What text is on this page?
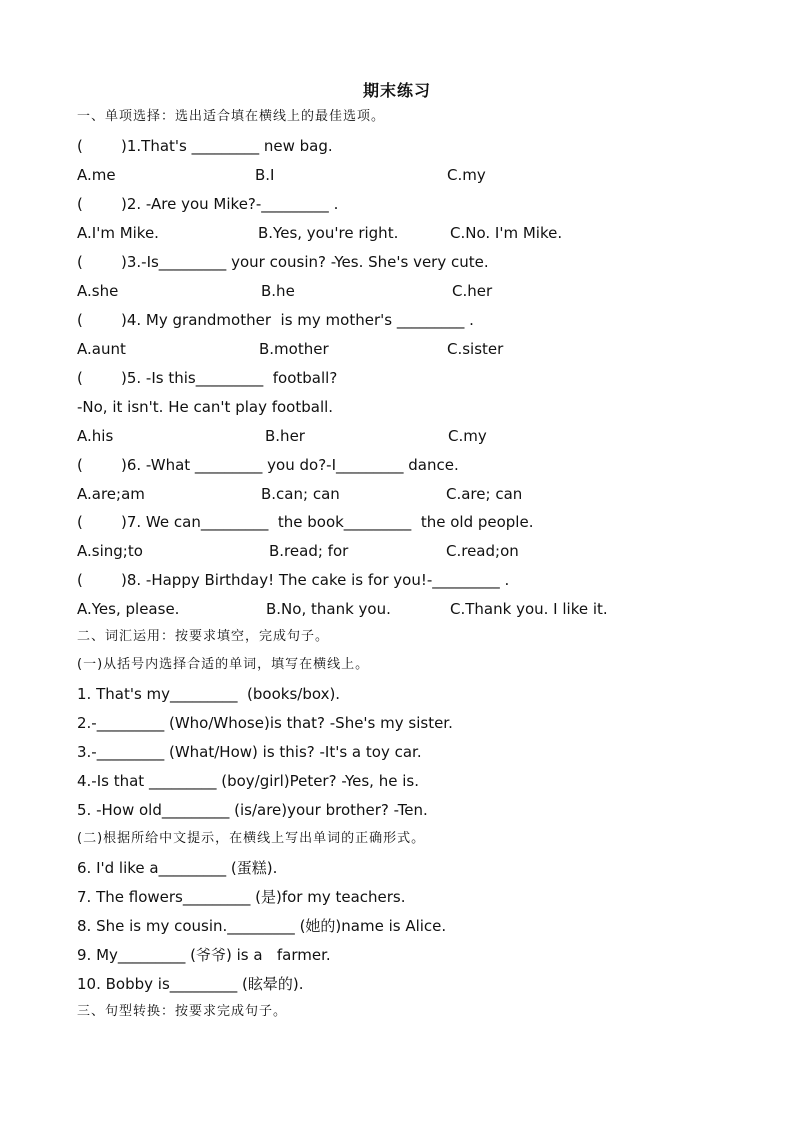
期末练习
一、单项选择：选出适合填在横线上的最佳选项。
(        )1.That's _________ new bag.

A.me

	B.I

	C.my

(        )2. -Are you Mike?-_________ .

A.I'm Mike.

	B.Yes, you're right.

	C.No. I'm Mike.

(        )3.-Is_________ your cousin? -Yes. She's very cute.

A.she

	B.he

	C.her

(        )4. My grandmother  is my mother's _________ .

A.aunt

	B.mother

	C.sister

(        )5. -Is this_________  football?
-No, it isn't. He can't play football.

A.his

	B.her

	C.my

(        )6. -What _________ you do?-I_________ dance.

A.are;am

	B.can; can

	C.are; can

(        )7. We can_________  the book_________  the old people.

A.sing;to

	B.read; for

	C.read;on

(        )8. -Happy Birthday! The cake is for you!-_________ .

A.Yes, please.

	B.No, thank you.

	C.Thank you. I like it.

二、词汇运用：按要求填空，完成句子。
(一)从括号内选择合适的单词，填写在横线上。
1. That's my_________  (books/box).
2.-_________ (Who/Whose)is that? -She's my sister.
3.-_________ (What/How) is this? -It's a toy car.
4.-Is that _________ (boy/girl)Peter? -Yes, he is.
5. -How old_________ (is/are)your brother? -Ten.
(二)根据所给中文提示，在横线上写出单词的正确形式。
6. I'd like a_________ (蛋糕).
7. The flowers_________ (是)for my teachers.
8. She is my cousin._________ (她的)name is Alice.
9. My_________ (爷爷) is a   farmer.
10. Bobby is_________ (眩晕的).
三、句型转换：按要求完成句子。
